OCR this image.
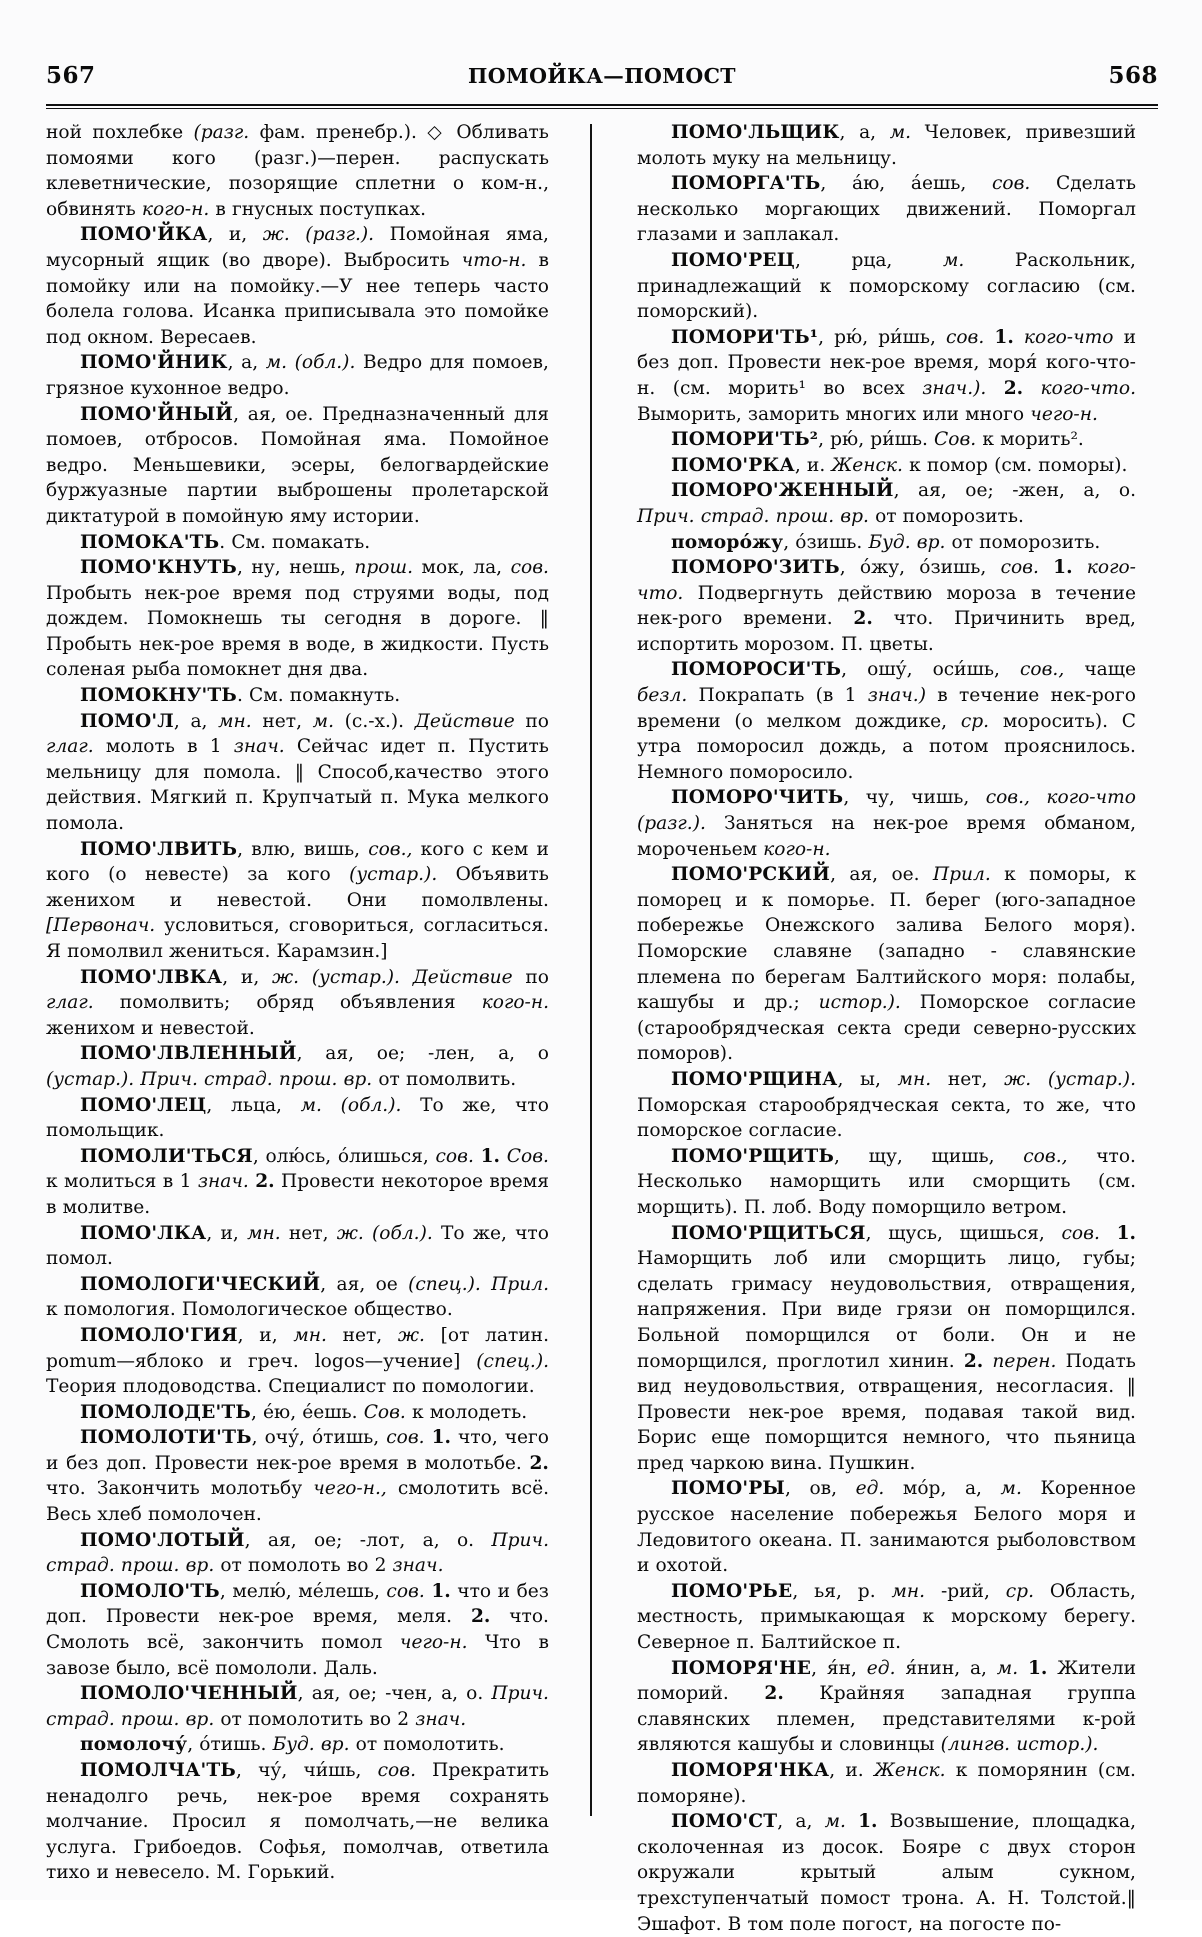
567	ПОМОЙКА—ПОМОСТ	568

ной похлебке (разг. фам. пренебр.). ◇ Обливать помоями кого (разг.)—перен. распускать клеветнические, позорящие сплетни о ком-н., обвинять кого-н. в гнусных поступках.

ПОМО'ЙКА, и, ж. (разг.). Помойная яма, мусорный ящик (во дворе). Выбросить что-н. в помойку или на помойку.—У нее теперь часто болела голова. Исанка приписывала это помойке под окном. Вересаев.

ПОМО'ЙНИК, а, м. (обл.). Ведро для помоев, грязное кухонное ведро.

ПОМО'ЙНЫЙ, ая, ое. Предназначенный для помоев, отбросов. Помойная яма. Помойное ведро. Меньшевики, эсеры, белогвардейские буржуазные партии выброшены пролетарской диктатурой в помойную яму истории.

ПОМОКА'ТЬ. См. помакать.

ПОМО'КНУТЬ, ну, нешь, прош. мок, ла, сов. Пробыть нек-рое время под струями воды, под дождем. Помокнешь ты сегодня в дороге. ‖ Пробыть нек-рое время в воде, в жидкости. Пусть соленая рыба помокнет дня два.

ПОМОКНУ'ТЬ. См. помакнуть.

ПОМО'Л, а, мн. нет, м. (с.-х.). Действие по глаг. молоть в 1 знач. Сейчас идет п. Пустить мельницу для помола. ‖ Способ,качество этого действия. Мягкий п. Крупчатый п. Мука мелкого помола.

ПОМО'ЛВИТЬ, влю, вишь, сов., кого с кем и кого (о невесте) за кого (устар.). Объявить женихом и невестой. Они помолвлены. [Первонач. условиться, сговориться, согласиться. Я помолвил жениться. Карамзин.]

ПОМО'ЛВКА, и, ж. (устар.). Действие по глаг. помолвить; обряд объявления кого-н. женихом и невестой.

ПОМО'ЛВЛЕННЫЙ, ая, ое; -лен, а, о (устар.). Прич. страд. прош. вр. от помолвить.

ПОМО'ЛЕЦ, льца, м. (обл.). То же, что помольщик.

ПОМОЛИ'ТЬСЯ, олю́сь, о́лишься, сов. 1. Сов. к молиться в 1 знач. 2. Провести некоторое время в молитве.

ПОМО'ЛКА, и, мн. нет, ж. (обл.). То же, что помол.

ПОМОЛОГИ'ЧЕСКИЙ, ая, ое (спец.). Прил. к помология. Помологическое общество.

ПОМОЛО'ГИЯ, и, мн. нет, ж. [от латин. pomum—яблоко и греч. logos—учение] (спец.). Теория плодоводства. Специалист по помологии.

ПОМОЛОДЕ'ТЬ, е́ю, е́ешь. Сов. к молодеть.

ПОМОЛОТИ'ТЬ, очу́, о́тишь, сов. 1. что, чего и без доп. Провести нек-рое время в молотьбе. 2. что. Закончить молотьбу чего-н., смолотить всё. Весь хлеб помолочен.

ПОМО'ЛОТЫЙ, ая, ое; -лот, а, о. Прич. страд. прош. вр. от помолоть во 2 знач.

ПОМОЛО'ТЬ, мелю́, ме́лешь, сов. 1. что и без доп. Провести нек-рое время, меля. 2. что. Смолоть всё, закончить помол чего-н. Что в завозе было, всё помололи. Даль.

ПОМОЛО'ЧЕННЫЙ, ая, ое; -чен, а, о. Прич. страд. прош. вр. от помолотить во 2 знач.

помолочу́, о́тишь. Буд. вр. от помолотить.

ПОМОЛЧА'ТЬ, чу́, чи́шь, сов. Прекратить ненадолго речь, нек-рое время сохранять молчание. Просил я помолчать,—не велика услуга. Грибоедов. Софья, помолчав, ответила тихо и невесело. М. Горький.

ПОМО'ЛЬЩИК, а, м. Человек, привезший молоть муку на мельницу.

ПОМОРГА'ТЬ, а́ю, а́ешь, сов. Сделать несколько моргающих движений. Поморгал глазами и заплакал.

ПОМО'РЕЦ,	рца,	м.	Раскольник, принадлежащий к поморскому согласию (см. поморский).

ПОМОРИ'ТЬ¹, рю́, ри́шь, сов. 1. кого-что и без доп. Провести нек-рое время, моря́ кого-что-н. (см. морить¹ во всех знач.). 2. кого-что. Выморить, заморить многих или много чего-н.

ПОМОРИ'ТЬ², рю́, ри́шь. Сов. к морить².

ПОМО'РКА, и. Женск. к помор (см. поморы).

ПОМОРО'ЖЕННЫЙ, ая, ое; -жен, а, о. Прич. страд. прош. вр. от поморозить.

поморо́жу, о́зишь. Буд. вр. от поморозить.

ПОМОРО'ЗИТЬ, о́жу, о́зишь, сов. 1. кого-что. Подвергнуть действию мороза в течение нек-рого времени. 2. что. Причинить вред, испортить морозом. П. цветы.

ПОМОРОСИ'ТЬ, ошу́, оси́шь, сов., чаще безл. Покрапать (в 1 знач.) в течение нек-рого времени (о мелком дождике, ср. моросить). С утра поморосил дождь, а потом прояснилось. Немного поморосило.

ПОМОРО'ЧИТЬ, чу, чишь, сов., кого-что (разг.). Заняться на нек-рое время обманом, мороченьем кого-н.

ПОМО'РСКИЙ, ая, ое. Прил. к поморы, к поморец и к поморье. П. берег (юго-западное побережье Онежского залива Белого моря). Поморские славяне (западно - славянские племена по берегам Балтийского моря: полабы, кашубы и др.; истор.). Поморское согласие (старообрядческая секта среди северно-русских поморов).

ПОМО'РЩИНА, ы, мн. нет, ж. (устар.). Поморская старообрядческая секта, то же, что поморское согласие.

ПОМО'РЩИТЬ, щу, щишь, сов., что. Несколько наморщить или сморщить (см. морщить). П. лоб. Воду поморщило ветром.

ПОМО'РЩИТЬСЯ, щусь, щишься, сов. 1. Наморщить лоб или сморщить лицо, губы; сделать гримасу неудовольствия, отвращения, напряжения. При виде грязи он поморщился. Больной поморщился от боли. Он и не поморщился, проглотил хинин. 2. перен. Подать вид неудовольствия, отвращения, несогласия. ‖ Провести нек-рое время, подавая такой вид. Борис еще поморщится немного, что пьяница пред чаркою вина. Пушкин.

ПОМО'РЫ, ов, ед. мо́р, а, м. Коренное русское население побережья Белого моря и Ледовитого океана. П. занимаются рыболовством и охотой.

ПОМО'РЬЕ, ья, р. мн. -рий, ср. Область, местность, примыкающая к морскому берегу. Северное п. Балтийское п.

ПОМОРЯ'НЕ, я́н, ед. я́нин, а, м. 1. Жители поморий. 2. Крайняя западная группа славянских племен, представителями к-рой являются кашубы и словинцы (лингв. истор.).

ПОМОРЯ'НКА, и. Женск. к поморянин (см. поморяне).

ПОМО'СТ, а, м. 1. Возвышение, площадка, сколоченная из досок. Бояре с двух сторон окружали	крытый	алым	сукном, трехступенчатый помост трона. А. Н. Толстой.‖ Эшафот. В том поле погост, на погосте по-
